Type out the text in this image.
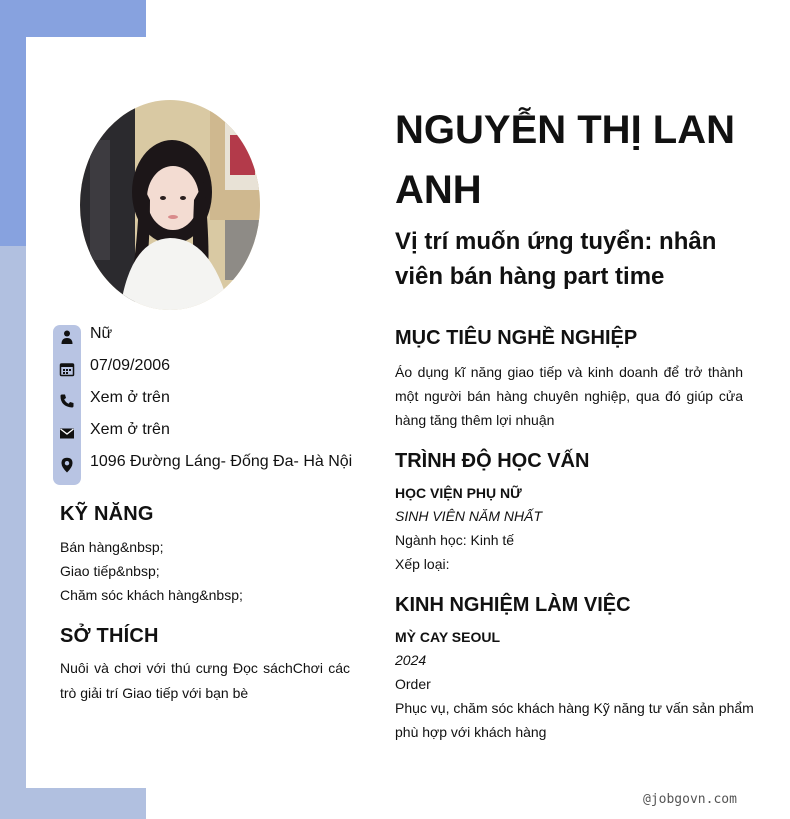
Nữ
07/09/2006
Xem ở trên
Xem ở trên
1096 Đường Láng- Đống Đa- Hà Nội
KỸ NĂNG
Bán hàng&nbsp;
Giao tiếp&nbsp;
Chăm sóc khách hàng&nbsp;
SỞ THÍCH
Nuôi và chơi với thú cưng Đọc sáchChơi các trò giải trí Giao tiếp với bạn bè
NGUYỄN THỊ LAN ANH
Vị trí muốn ứng tuyển: nhân viên bán hàng part time
MỤC TIÊU NGHỀ NGHIỆP
Áo dụng kĩ năng giao tiếp và kinh doanh để trở thành một người bán hàng chuyên nghiệp, qua đó giúp cửa hàng tăng thêm lợi nhuận
TRÌNH ĐỘ HỌC VẤN
HỌC VIỆN PHỤ NỮ
SINH VIÊN NĂM NHẤT
Ngành học: Kinh tế
Xếp loại:
KINH NGHIỆM LÀM VIỆC
MỲ CAY SEOUL
2024
Order
Phục vụ, chăm sóc khách hàng Kỹ năng tư vấn sản phẩm phù hợp với khách hàng
@jobgovn.com
